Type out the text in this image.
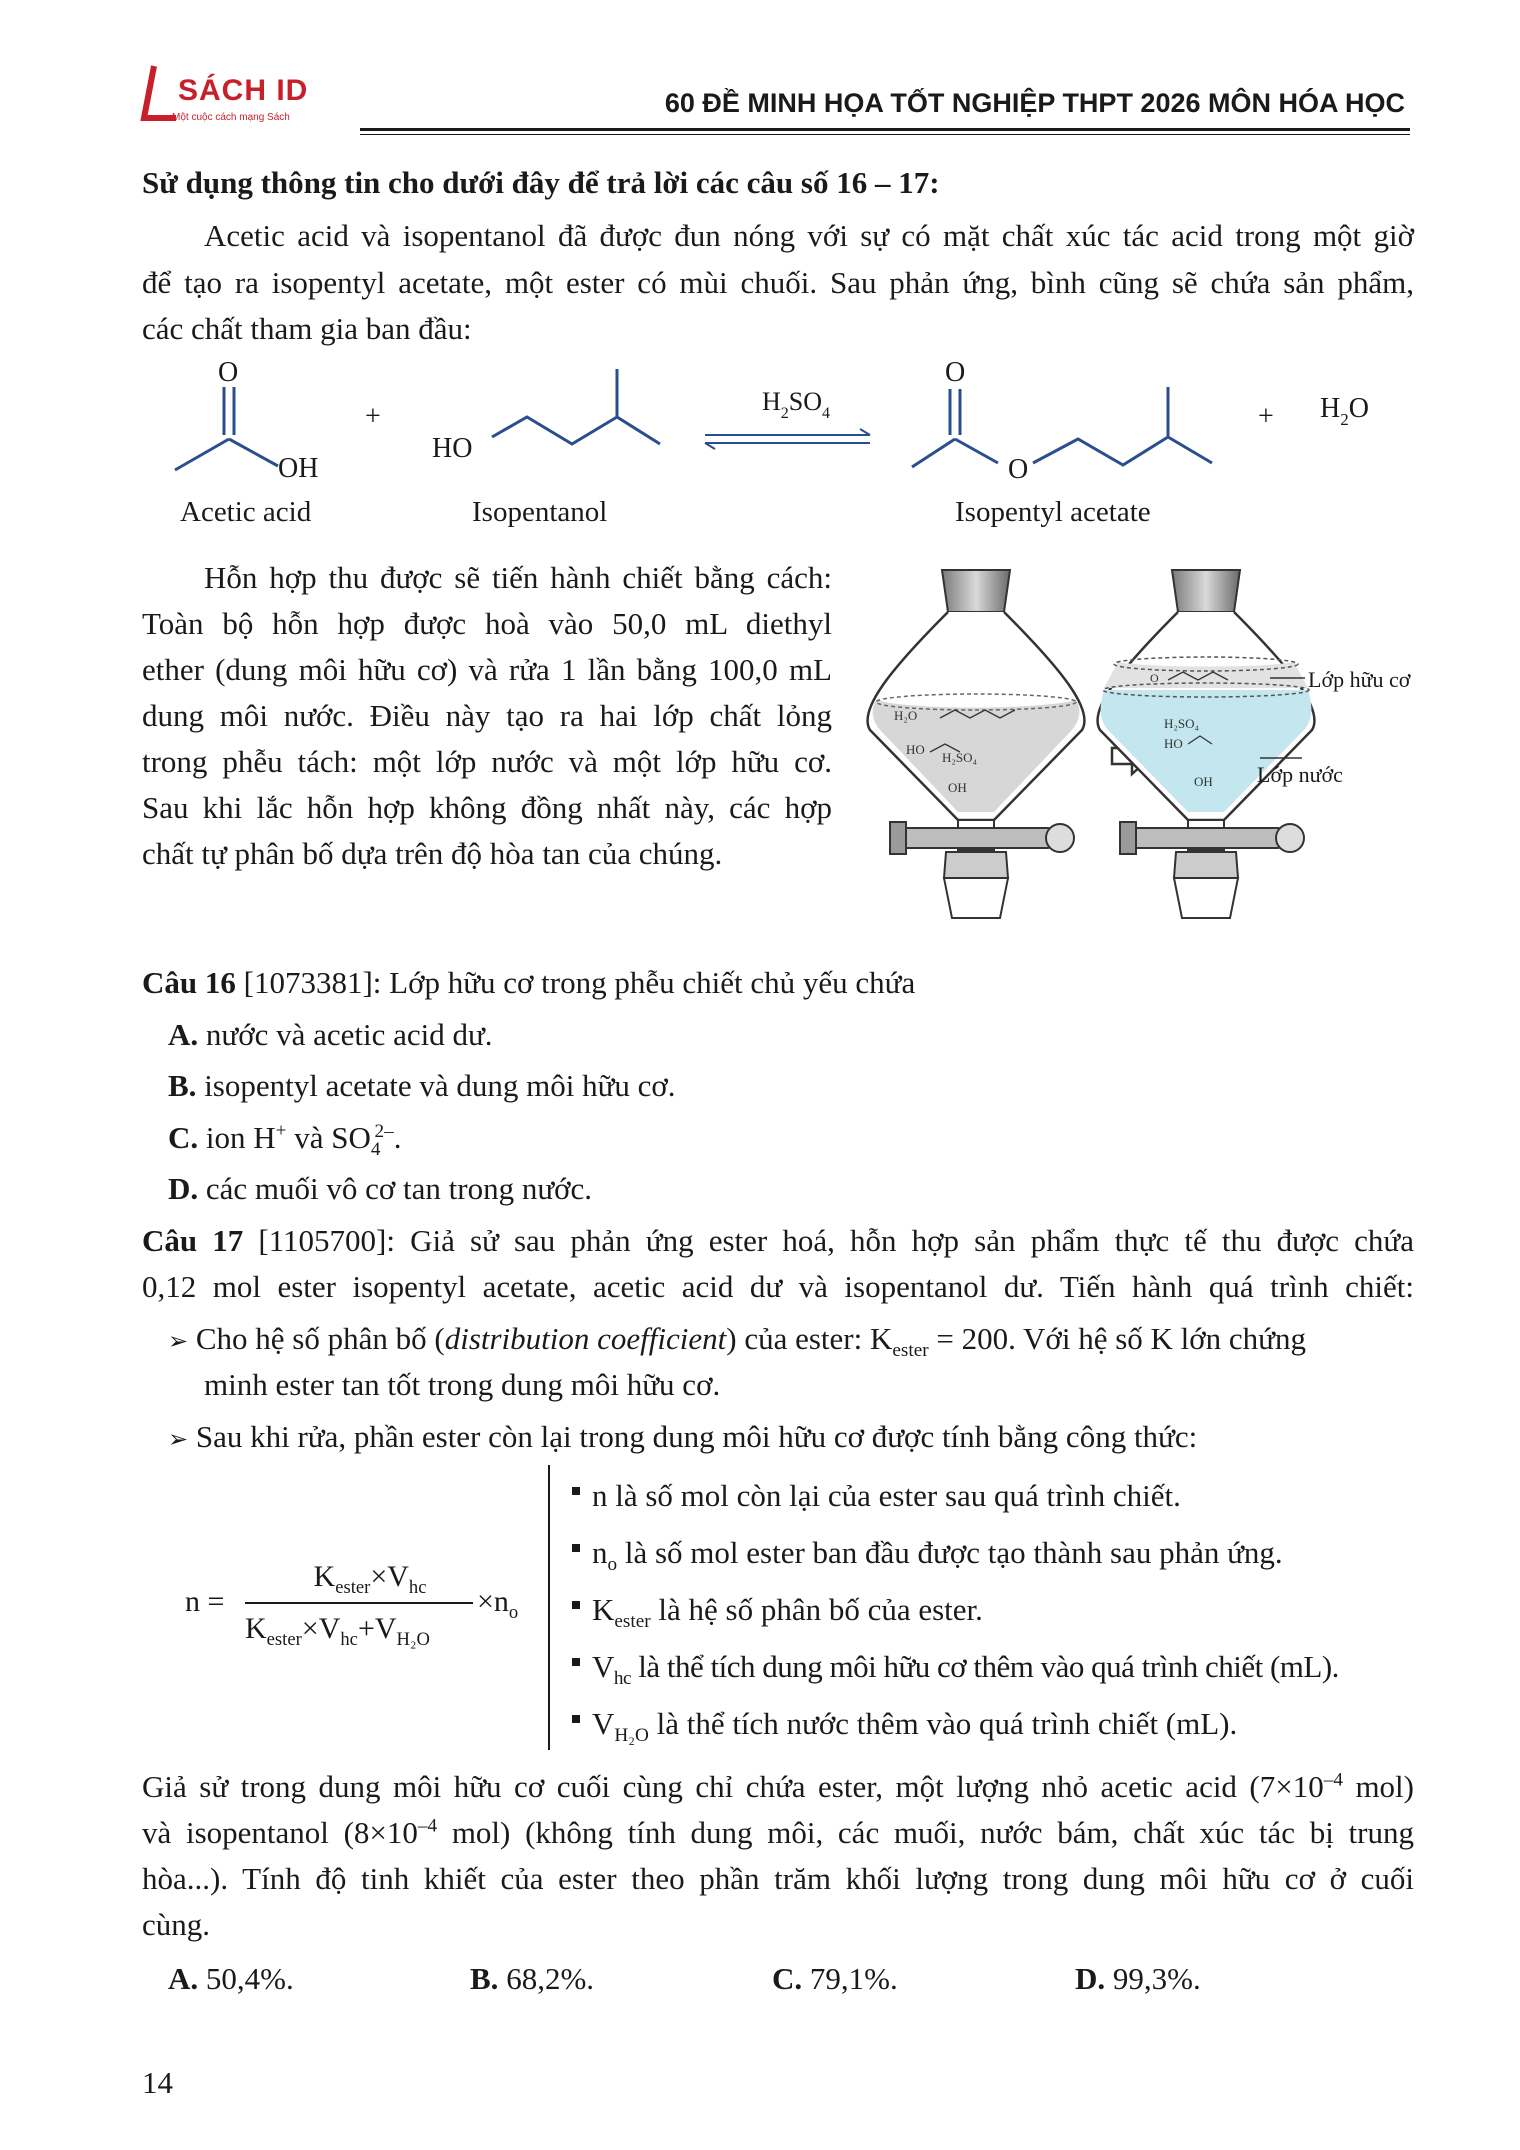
SÁCH ID
Một cuộc cách mạng Sách	60 ĐỀ MINH HỌA TỐT NGHIỆP THPT 2026 MÔN HÓA HỌC
Sử dụng thông tin cho dưới đây để trả lời các câu số 16 – 17:
Acetic acid và isopentanol đã được đun nóng với sự có mặt chất xúc tác acid trong một giờ
để tạo ra isopentyl acetate, một ester có mùi chuối. Sau phản ứng, bình cũng sẽ chứa sản phẩm,
các chất tham gia ban đầu:
O
OH
+
HO
$H_2SO_4$
O
O
+ $H_2O$
Acetic acid	Isopentanol	Isopentyl acetate
Hỗn hợp thu được sẽ tiến hành chiết bằng cách:
Toàn bộ hỗn hợp được hoà vào 50,0 mL diethyl
ether (dung môi hữu cơ) và rửa 1 lần bằng 100,0 mL
dung môi nước. Điều này tạo ra hai lớp chất lỏng
trong phễu tách: một lớp nước và một lớp hữu cơ.
Sau khi lắc hỗn hợp không đồng nhất này, các hợp
chất tự phân bố dựa trên độ hòa tan của chúng.
H₂O
HO
H₂SO₄
OH
O
H₂SO₄
HO
OH
Lớp hữu cơ
Lớp nước
Câu 16 [1073381]: Lớp hữu cơ trong phễu chiết chủ yếu chứa
A. nước và acetic acid dư.
B. isopentyl acetate và dung môi hữu cơ.
C. ion H+ và $SO_4^{2-}$.
D. các muối vô cơ tan trong nước.
Câu 17 [1105700]: Giả sử sau phản ứng ester hoá, hỗn hợp sản phẩm thực tế thu được chứa
0,12 mol ester isopentyl acetate, acetic acid dư và isopentanol dư. Tiến hành quá trình chiết:
➢ Cho hệ số phân bố (distribution coefficient) của ester: $K_{ester} = 200$. Với hệ số K lớn chứng
minh ester tan tốt trong dung môi hữu cơ.
➢ Sau khi rửa, phần ester còn lại trong dung môi hữu cơ được tính bằng công thức:
n =
$K_{ester}\times V_{hc}$
$K_{ester}\times V_{hc}+V_{H_2O}$
$\times n_o$
n là số mol còn lại của ester sau quá trình chiết.
$n_o$ là số mol ester ban đầu được tạo thành sau phản ứng.
$K_{ester}$ là hệ số phân bố của ester.
$V_{hc}$ là thể tích dung môi hữu cơ thêm vào quá trình chiết (mL).
$V_{H_2O}$ là thể tích nước thêm vào quá trình chiết (mL).
Giả sử trong dung môi hữu cơ cuối cùng chỉ chứa ester, một lượng nhỏ acetic acid ($7\times 10^{-4}$ mol)
và isopentanol ($8\times 10^{-4}$ mol) (không tính dung môi, các muối, nước bám, chất xúc tác bị trung
hòa...). Tính độ tinh khiết của ester theo phần trăm khối lượng trong dung môi hữu cơ ở cuối
cùng.
A. 50,4%.	B. 68,2%.	C. 79,1%.	D. 99,3%.
14
